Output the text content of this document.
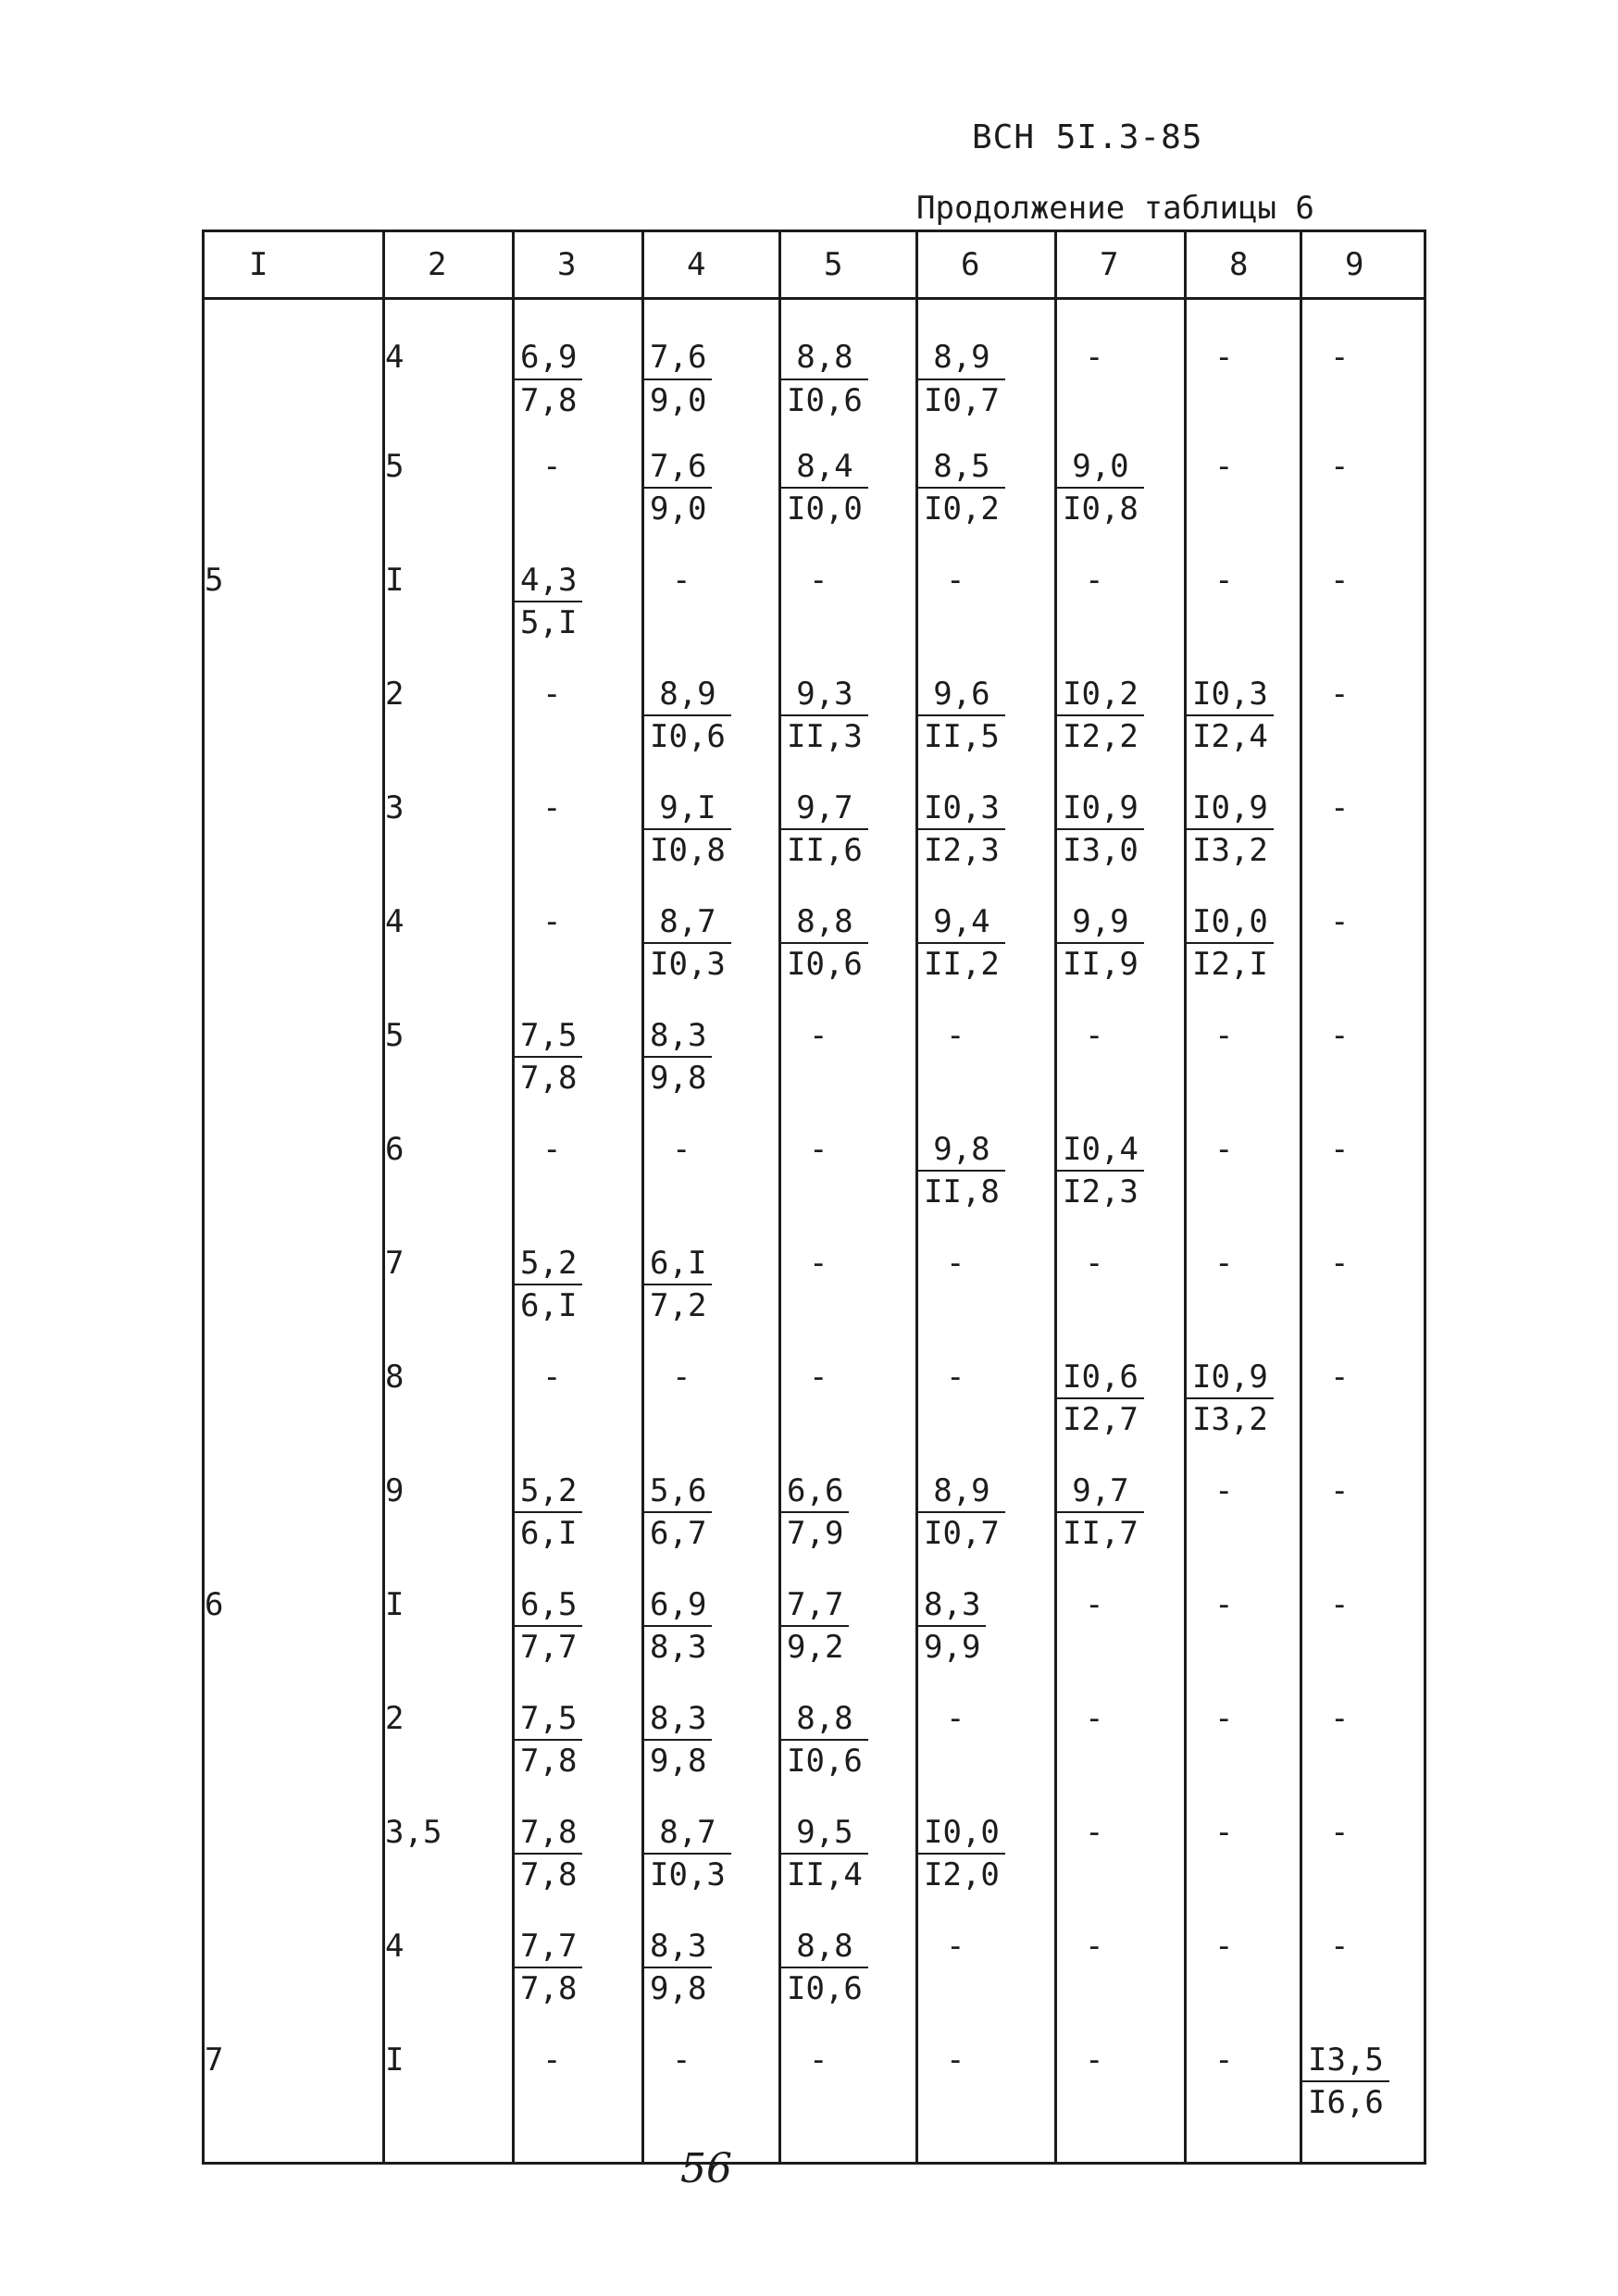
ВСН 5I.3-85
Продолжение таблицы 6
I	2	3	4	5	6	7	8	9
	4	$\frac{6,9}{7,8}$	$\frac{7,6}{9,0}$	$\frac{8,8}{I0,6}$	$\frac{8,9}{I0,7}$	-	-	-
	5	-	$\frac{7,6}{9,0}$	$\frac{8,4}{I0,0}$	$\frac{8,5}{I0,2}$	$\frac{9,0}{I0,8}$	-	-
5	I	$\frac{4,3}{5,I}$	-	-	-	-	-	-
	2	-	$\frac{8,9}{I0,6}$	$\frac{9,3}{II,3}$	$\frac{9,6}{II,5}$	$\frac{I0,2}{I2,2}$	$\frac{I0,3}{I2,4}$	-
	3	-	$\frac{9,I}{I0,8}$	$\frac{9,7}{II,6}$	$\frac{I0,3}{I2,3}$	$\frac{I0,9}{I3,0}$	$\frac{I0,9}{I3,2}$	-
	4	-	$\frac{8,7}{I0,3}$	$\frac{8,8}{I0,6}$	$\frac{9,4}{II,2}$	$\frac{9,9}{II,9}$	$\frac{I0,0}{I2,I}$	-
	5	$\frac{7,5}{7,8}$	$\frac{8,3}{9,8}$	-	-	-	-	-
	6	-	-	-	$\frac{9,8}{II,8}$	$\frac{I0,4}{I2,3}$	-	-
	7	$\frac{5,2}{6,I}$	$\frac{6,I}{7,2}$	-	-	-	-	-
	8	-	-	-	-	$\frac{I0,6}{I2,7}$	$\frac{I0,9}{I3,2}$	-
	9	$\frac{5,2}{6,I}$	$\frac{5,6}{6,7}$	$\frac{6,6}{7,9}$	$\frac{8,9}{I0,7}$	$\frac{9,7}{II,7}$	-	-
6	I	$\frac{6,5}{7,7}$	$\frac{6,9}{8,3}$	$\frac{7,7}{9,2}$	$\frac{8,3}{9,9}$	-	-	-
	2	$\frac{7,5}{7,8}$	$\frac{8,3}{9,8}$	$\frac{8,8}{I0,6}$	-	-	-	-
	3,5	$\frac{7,8}{7,8}$	$\frac{8,7}{I0,3}$	$\frac{9,5}{II,4}$	$\frac{I0,0}{I2,0}$	-	-	-
	4	$\frac{7,7}{7,8}$	$\frac{8,3}{9,8}$	$\frac{8,8}{I0,6}$	-	-	-	-
7	I	-	-	-	-	-	-	$\frac{I3,5}{I6,6}$
56
